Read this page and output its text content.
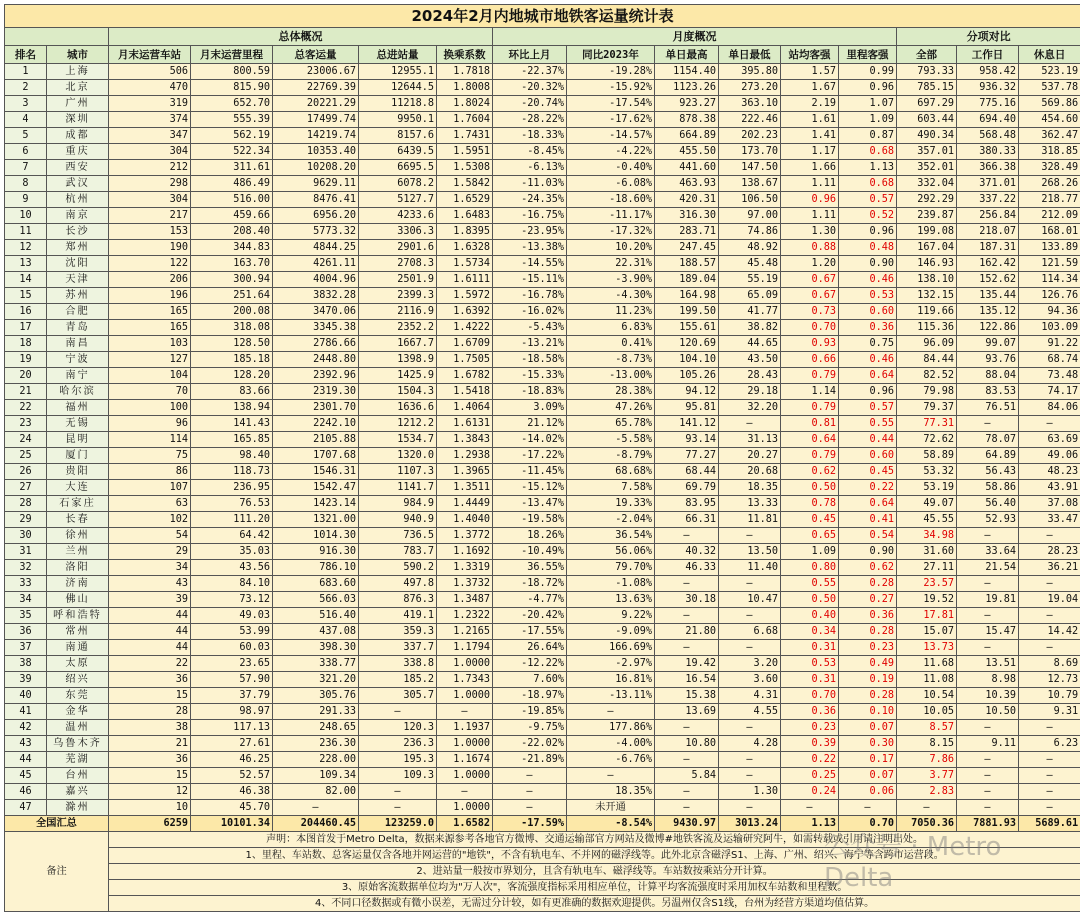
2024年2月内地城市地铁客运量统计表															
		总体概况					月度概况						分项对比		
排名	城市	月末运营车站	月末运营里程	总客运量	总进站量	换乘系数	环比上月	同比2023年	单日最高	单日最低	站均客强	里程客强	全部	工作日	休息日
1	上海	506	800.59	23006.67	12955.1	1.7818	-22.37%	-19.28%	1154.40	395.80	1.57	0.99	793.33	958.42	523.19
2	北京	470	815.90	22769.39	12644.5	1.8008	-20.32%	-15.92%	1123.26	273.20	1.67	0.96	785.15	936.32	537.78
3	广州	319	652.70	20221.29	11218.8	1.8024	-20.74%	-17.54%	923.27	363.10	2.19	1.07	697.29	775.16	569.86
4	深圳	374	555.39	17499.74	9950.1	1.7604	-28.22%	-17.62%	878.38	222.46	1.61	1.09	603.44	694.40	454.60
5	成都	347	562.19	14219.74	8157.6	1.7431	-18.33%	-14.57%	664.89	202.23	1.41	0.87	490.34	568.48	362.47
6	重庆	304	522.34	10353.40	6439.5	1.5951	-8.45%	-4.22%	455.50	173.70	1.17	0.68	357.01	380.33	318.85
7	西安	212	311.61	10208.20	6695.5	1.5308	-6.13%	-0.40%	441.60	147.50	1.66	1.13	352.01	366.38	328.49
8	武汉	298	486.49	9629.11	6078.2	1.5842	-11.03%	-6.08%	463.93	138.67	1.11	0.68	332.04	371.01	268.26
9	杭州	304	516.00	8476.41	5127.7	1.6529	-24.35%	-18.60%	420.31	106.50	0.96	0.57	292.29	337.22	218.77
10	南京	217	459.66	6956.20	4233.6	1.6483	-16.75%	-11.17%	316.30	97.00	1.11	0.52	239.87	256.84	212.09
11	长沙	153	208.40	5773.32	3306.3	1.8395	-23.95%	-17.32%	283.71	74.86	1.30	0.96	199.08	218.07	168.01
12	郑州	190	344.83	4844.25	2901.6	1.6328	-13.38%	10.20%	247.45	48.92	0.88	0.48	167.04	187.31	133.89
13	沈阳	122	163.70	4261.11	2708.3	1.5734	-14.55%	22.31%	188.57	45.48	1.20	0.90	146.93	162.42	121.59
14	天津	206	300.94	4004.96	2501.9	1.6111	-15.11%	-3.90%	189.04	55.19	0.67	0.46	138.10	152.62	114.34
15	苏州	196	251.64	3832.28	2399.3	1.5972	-16.78%	-4.30%	164.98	65.09	0.67	0.53	132.15	135.44	126.76
16	合肥	165	200.08	3470.06	2116.9	1.6392	-16.02%	11.23%	199.50	41.77	0.73	0.60	119.66	135.12	94.36
17	青岛	165	318.08	3345.38	2352.2	1.4222	-5.43%	6.83%	155.61	38.82	0.70	0.36	115.36	122.86	103.09
18	南昌	103	128.50	2786.66	1667.7	1.6709	-13.21%	0.41%	120.69	44.65	0.93	0.75	96.09	99.07	91.22
19	宁波	127	185.18	2448.80	1398.9	1.7505	-18.58%	-8.73%	104.10	43.50	0.66	0.46	84.44	93.76	68.74
20	南宁	104	128.20	2392.96	1425.9	1.6782	-15.33%	-13.00%	105.26	28.43	0.79	0.64	82.52	88.04	73.48
21	哈尔滨	70	83.66	2319.30	1504.3	1.5418	-18.83%	28.38%	94.12	29.18	1.14	0.96	79.98	83.53	74.17
22	福州	100	138.94	2301.70	1636.6	1.4064	3.09%	47.26%	95.81	32.20	0.79	0.57	79.37	76.51	84.06
23	无锡	96	141.43	2242.10	1212.2	1.6131	21.12%	65.78%	141.12	—	0.81	0.55	77.31	—	—
24	昆明	114	165.85	2105.88	1534.7	1.3843	-14.02%	-5.58%	93.14	31.13	0.64	0.44	72.62	78.07	63.69
25	厦门	75	98.40	1707.68	1320.0	1.2938	-17.22%	-8.79%	77.27	20.27	0.79	0.60	58.89	64.89	49.06
26	贵阳	86	118.73	1546.31	1107.3	1.3965	-11.45%	68.68%	68.44	20.68	0.62	0.45	53.32	56.43	48.23
27	大连	107	236.95	1542.47	1141.7	1.3511	-15.12%	7.58%	69.79	18.35	0.50	0.22	53.19	58.86	43.91
28	石家庄	63	76.53	1423.14	984.9	1.4449	-13.47%	19.33%	83.95	13.33	0.78	0.64	49.07	56.40	37.08
29	长春	102	111.20	1321.00	940.9	1.4040	-19.58%	-2.04%	66.31	11.81	0.45	0.41	45.55	52.93	33.47
30	徐州	54	64.42	1014.30	736.5	1.3772	18.26%	36.54%	—	—	0.65	0.54	34.98	—	—
31	兰州	29	35.03	916.30	783.7	1.1692	-10.49%	56.06%	40.32	13.50	1.09	0.90	31.60	33.64	28.23
32	洛阳	34	43.56	786.10	590.2	1.3319	36.55%	79.70%	46.33	11.40	0.80	0.62	27.11	21.54	36.21
33	济南	43	84.10	683.60	497.8	1.3732	-18.72%	-1.08%	—	—	0.55	0.28	23.57	—	—
34	佛山	39	73.12	566.03	876.3	1.3487	-4.77%	13.63%	30.18	10.47	0.50	0.27	19.52	19.81	19.04
35	呼和浩特	44	49.03	516.40	419.1	1.2322	-20.42%	9.22%	—	—	0.40	0.36	17.81	—	—
36	常州	44	53.99	437.08	359.3	1.2165	-17.55%	-9.09%	21.80	6.68	0.34	0.28	15.07	15.47	14.42
37	南通	44	60.03	398.30	337.7	1.1794	26.64%	166.69%	—	—	0.31	0.23	13.73	—	—
38	太原	22	23.65	338.77	338.8	1.0000	-12.22%	-2.97%	19.42	3.20	0.53	0.49	11.68	13.51	8.69
39	绍兴	36	57.90	321.20	185.2	1.7343	7.60%	16.81%	16.54	3.60	0.31	0.19	11.08	8.98	12.73
40	东莞	15	37.79	305.76	305.7	1.0000	-18.97%	-13.11%	15.38	4.31	0.70	0.28	10.54	10.39	10.79
41	金华	28	98.97	291.33	—	—	-19.85%	—	13.69	4.55	0.36	0.10	10.05	10.50	9.31
42	温州	38	117.13	248.65	120.3	1.1937	-9.75%	177.86%	—	—	0.23	0.07	8.57	—	—
43	乌鲁木齐	21	27.61	236.30	236.3	1.0000	-22.02%	-4.00%	10.80	4.28	0.39	0.30	8.15	9.11	6.23
44	芜湖	36	46.25	228.00	195.3	1.1674	-21.89%	-6.76%	—	—	0.22	0.17	7.86	—	—
45	台州	15	52.57	109.34	109.3	1.0000	—	—	5.84	—	0.25	0.07	3.77	—	—
46	嘉兴	12	46.38	82.00	—	—	—	18.35%	—	1.30	0.24	0.06	2.83	—	—
47	滁州	10	45.70	—	—	1.0000	—	未开通	—	—	—	—	—	—	—
全国汇总		6259	10101.34	204460.45	123259.0	1.6582	-17.59%	-8.54%	9430.97	3013.24	1.13	0.70	7050.36	7881.93	5689.61
备注		声明：本图首发于Metro Delta，数据来源参考各地官方微博、交通运输部官方网站及微博#地铁客流及运输研究阿牛，如需转载或引用请注明出处。													
		1、里程、车站数、总客运量仅含各地并网运营的"地铁"，不含有轨电车、不并网的磁浮线等。此外北京含磁浮S1、上海、广州、绍兴、海宁等含跨市运营段。													
		2、进站量一般按市界划分，且含有轨电车、磁浮线等。车站数按乘站分开计算。													
		3、原始客流数据单位均为"万人次"，客流强度指标采用相应单位，计算平均客流强度时采用加权车站数和里程数。													
		4、不同口径数据或有微小误差，无需过分计较，如有更准确的数据欢迎提供。另温州仅含S1线，台州为经营方渠道均值估算。													
公众号 · Metro Delta
